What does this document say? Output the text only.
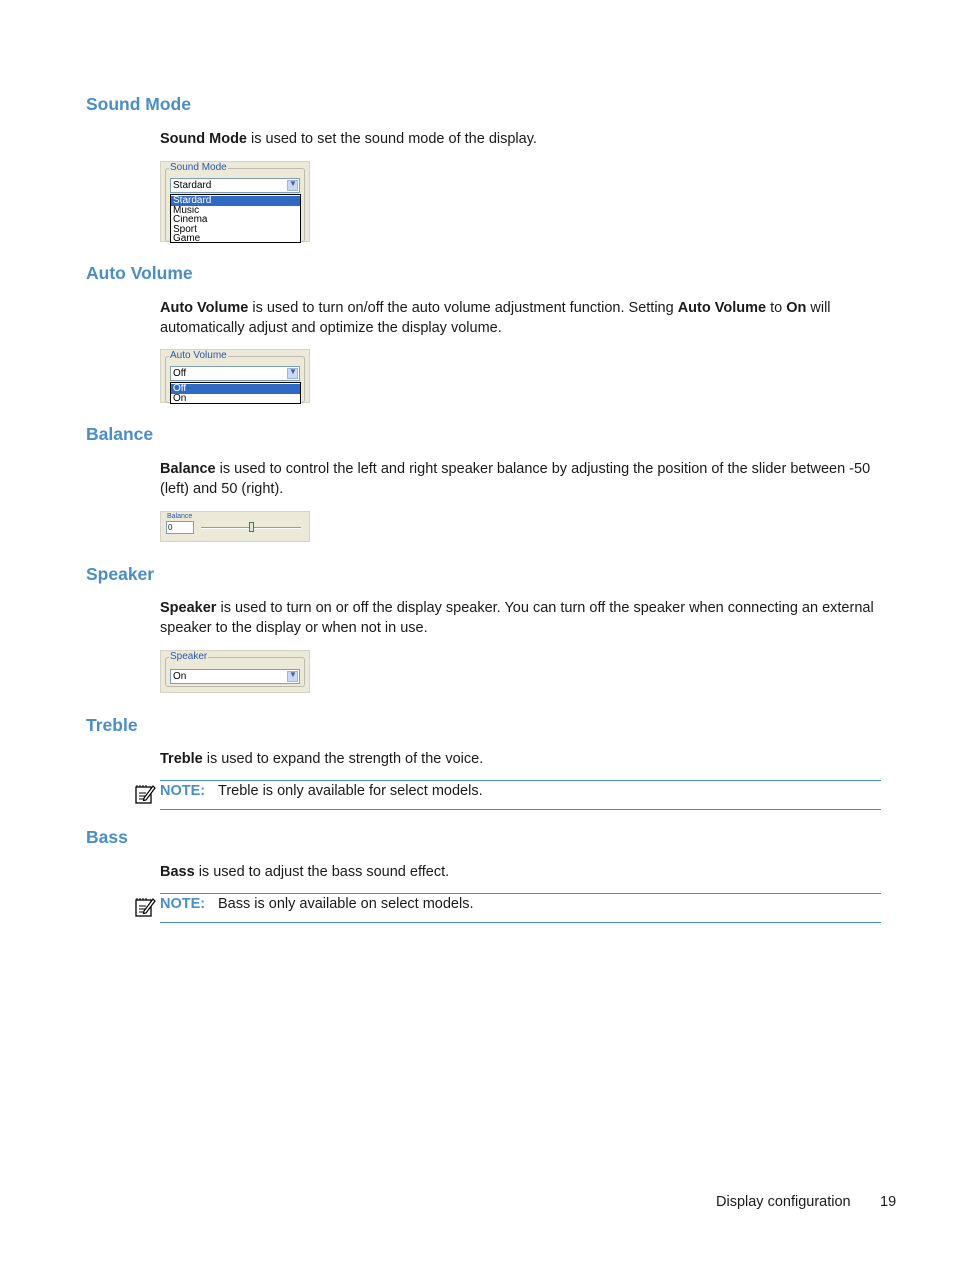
Sound Mode

Sound Mode is used to set the sound mode of the display.

Sound Mode
Stardard	▼
Stardard
Music
Cinema
Sport
Game
Auto Volume

Auto Volume is used to turn on/off the auto volume adjustment function. Setting Auto Volume to On will automatically adjust and optimize the display volume.

Auto Volume
Off	▼
Off
On
Balance

Balance is used to control the left and right speaker balance by adjusting the position of the slider between -50 (left) and 50 (right).

Balance
0
Speaker

Speaker is used to turn on or off the display speaker. You can turn off the speaker when connecting an external speaker to the display or when not in use.

Speaker
On	▼
Treble

Treble is used to expand the strength of the voice.

NOTE: Treble is only available for select models.
Bass

Bass is used to adjust the bass sound effect.

NOTE: Bass is only available on select models.
Display configuration 19
